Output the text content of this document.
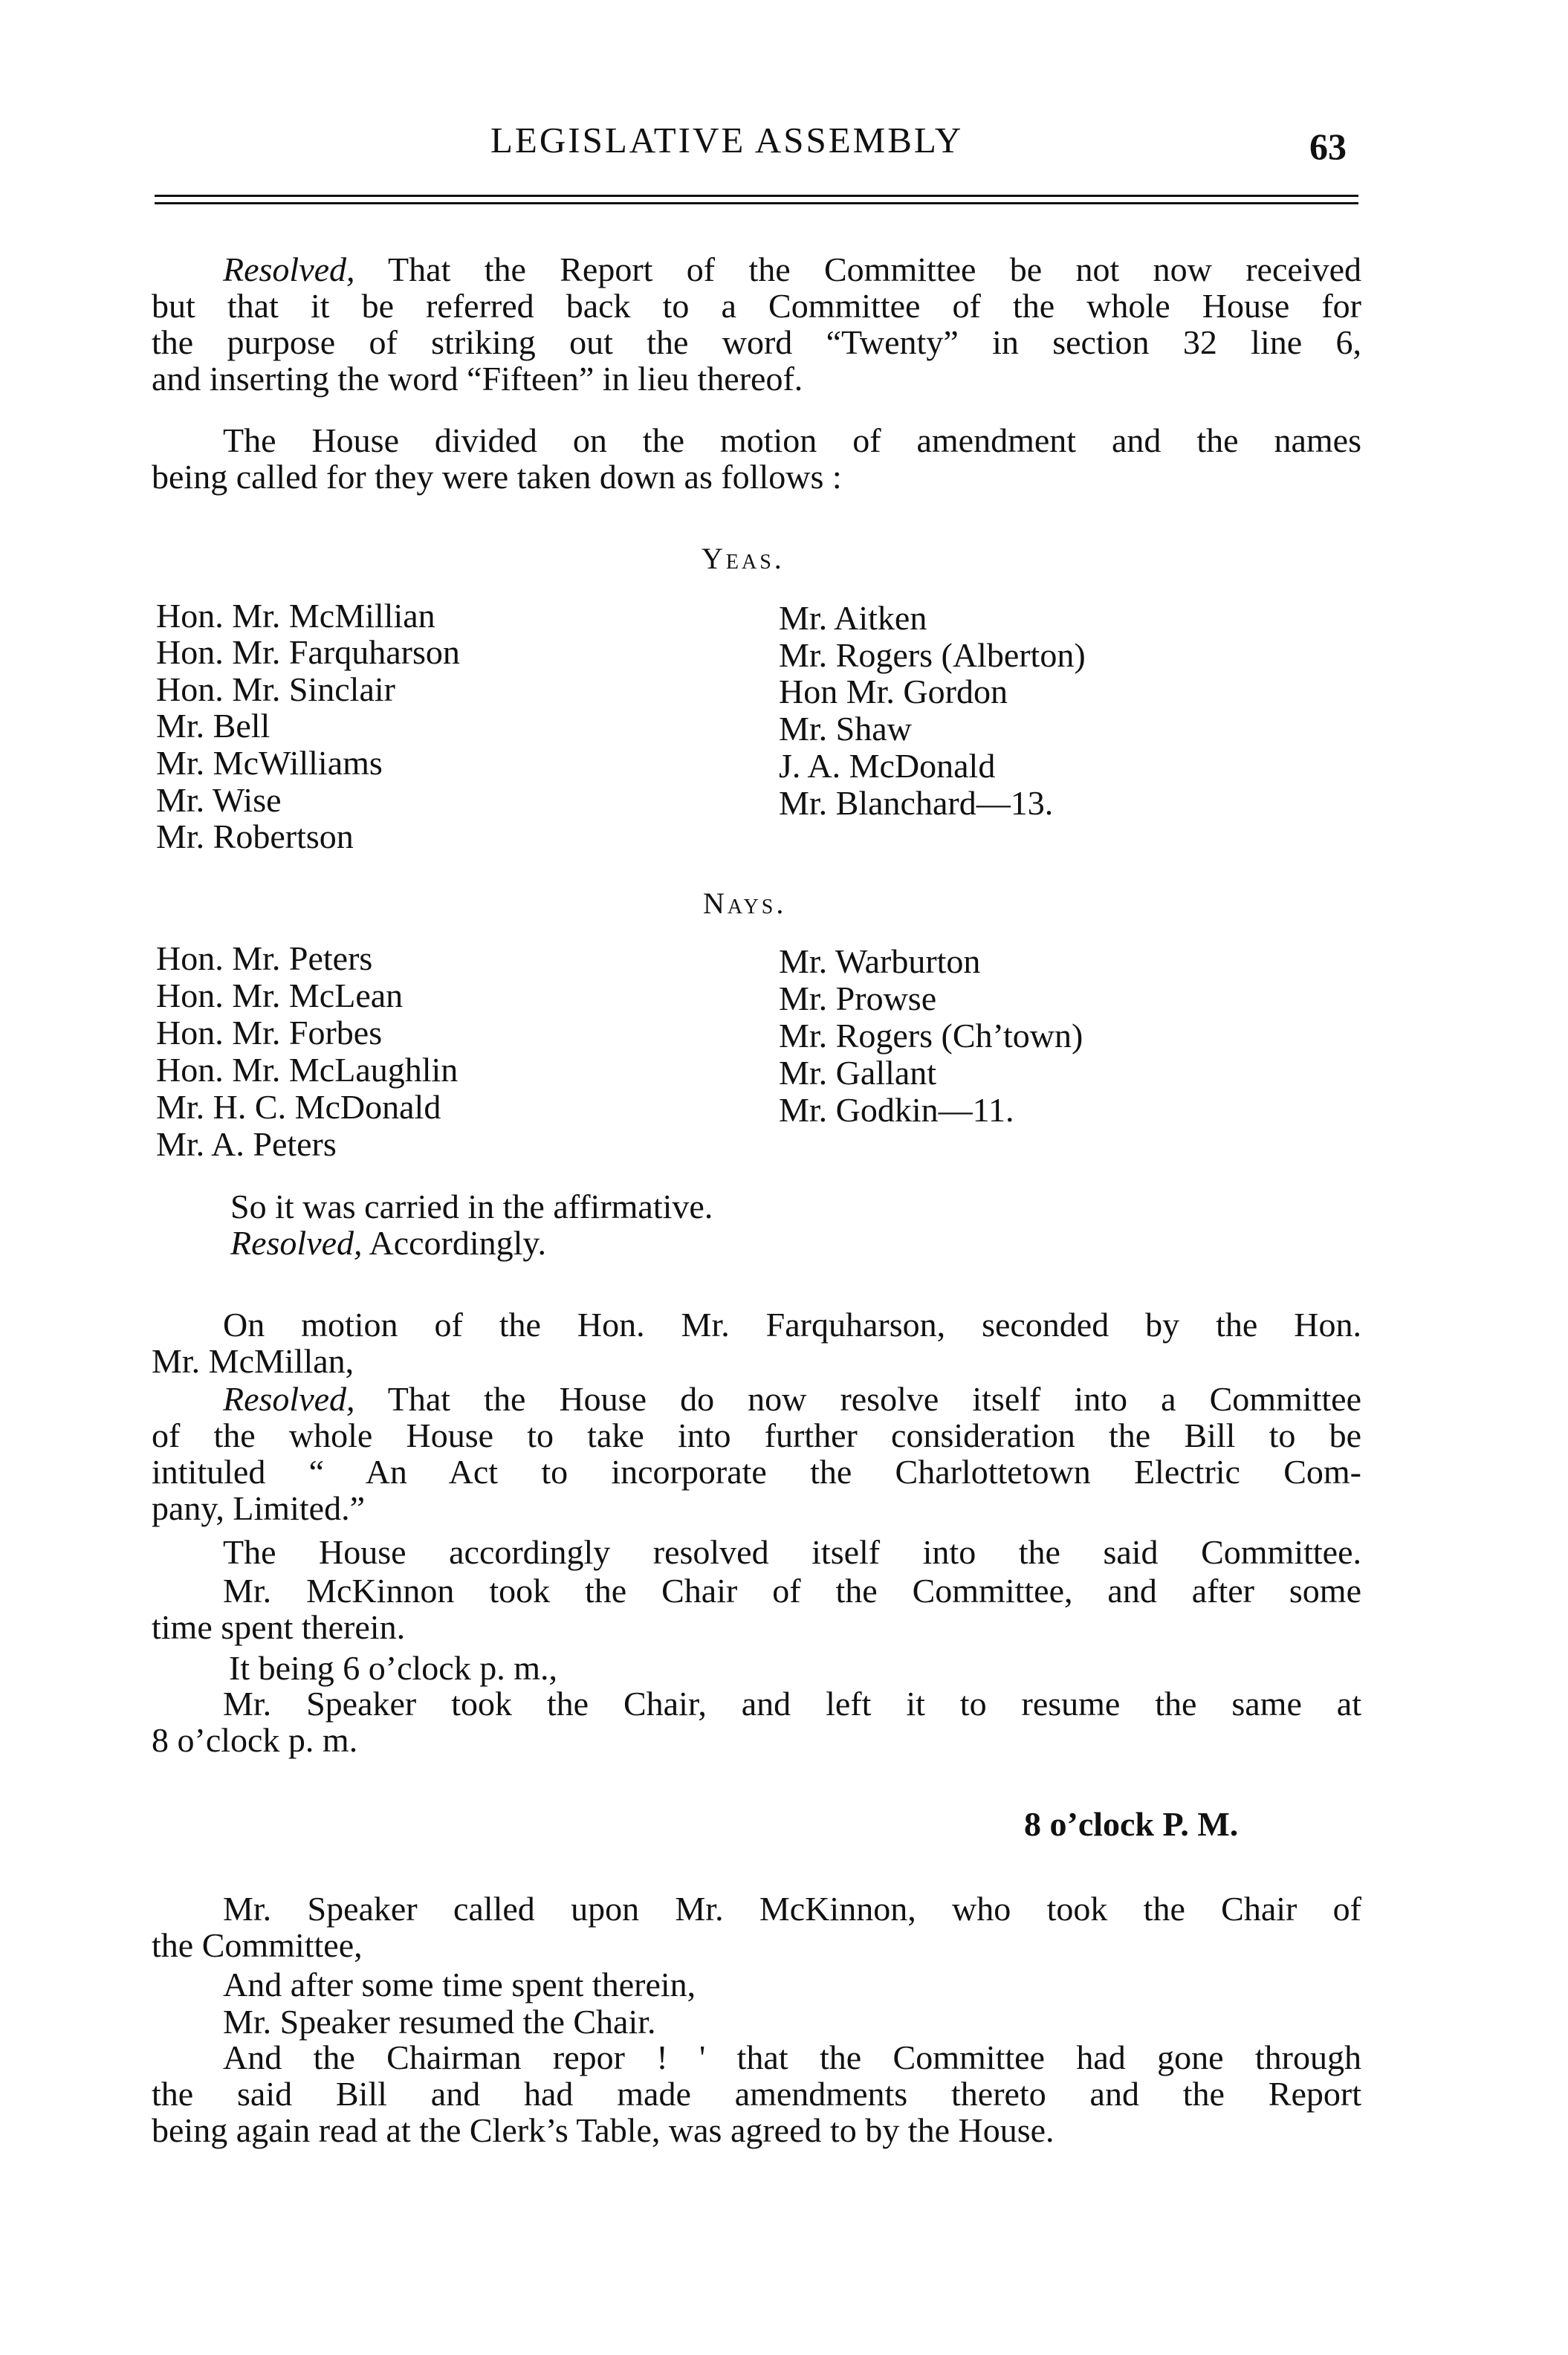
LEGISLATIVE ASSEMBLY	63
Resolved, That the Report of the Committee be not now received
but that it be referred back to a Committee of the whole House for
the purpose of striking out the word “Twenty” in section 32 line 6,
and inserting the word “Fifteen” in lieu thereof.
The House divided on the motion of amendment and the names
being called for they were taken down as follows :
Yeas.
Hon. Mr. McMillian
Hon. Mr. Farquharson
Hon. Mr. Sinclair
Mr. Bell
Mr. McWilliams
Mr. Wise
Mr. Robertson
Mr. Aitken
Mr. Rogers (Alberton)
Hon Mr. Gordon
Mr. Shaw
J. A. McDonald
Mr. Blanchard—13.
Nays.
Hon. Mr. Peters
Hon. Mr. McLean
Hon. Mr. Forbes
Hon. Mr. McLaughlin
Mr. H. C. McDonald
Mr. A. Peters
Mr. Warburton
Mr. Prowse
Mr. Rogers (Ch’town)
Mr. Gallant
Mr. Godkin—11.
So it was carried in the affirmative.
Resolved, Accordingly.
On motion of the Hon. Mr. Farquharson, seconded by the Hon.
Mr. McMillan,
Resolved, That the House do now resolve itself into a Committee
of the whole House to take into further consideration the Bill to be
intituled “ An Act to incorporate the Charlottetown Electric Com-
pany, Limited.”
The House accordingly resolved itself into the said Committee.
Mr. McKinnon took the Chair of the Committee, and after some
time spent therein.
It being 6 o’clock p. m.,
Mr. Speaker took the Chair, and left it to resume the same at
8 o’clock p. m.
8 o’clock P. M.
Mr. Speaker called upon Mr. McKinnon, who took the Chair of
the Committee,
And after some time spent therein,
Mr. Speaker resumed the Chair.
And the Chairman repor ! ' that the Committee had gone through
the said Bill and had made amendments thereto and the Report
being again read at the Clerk’s Table, was agreed to by the House.
